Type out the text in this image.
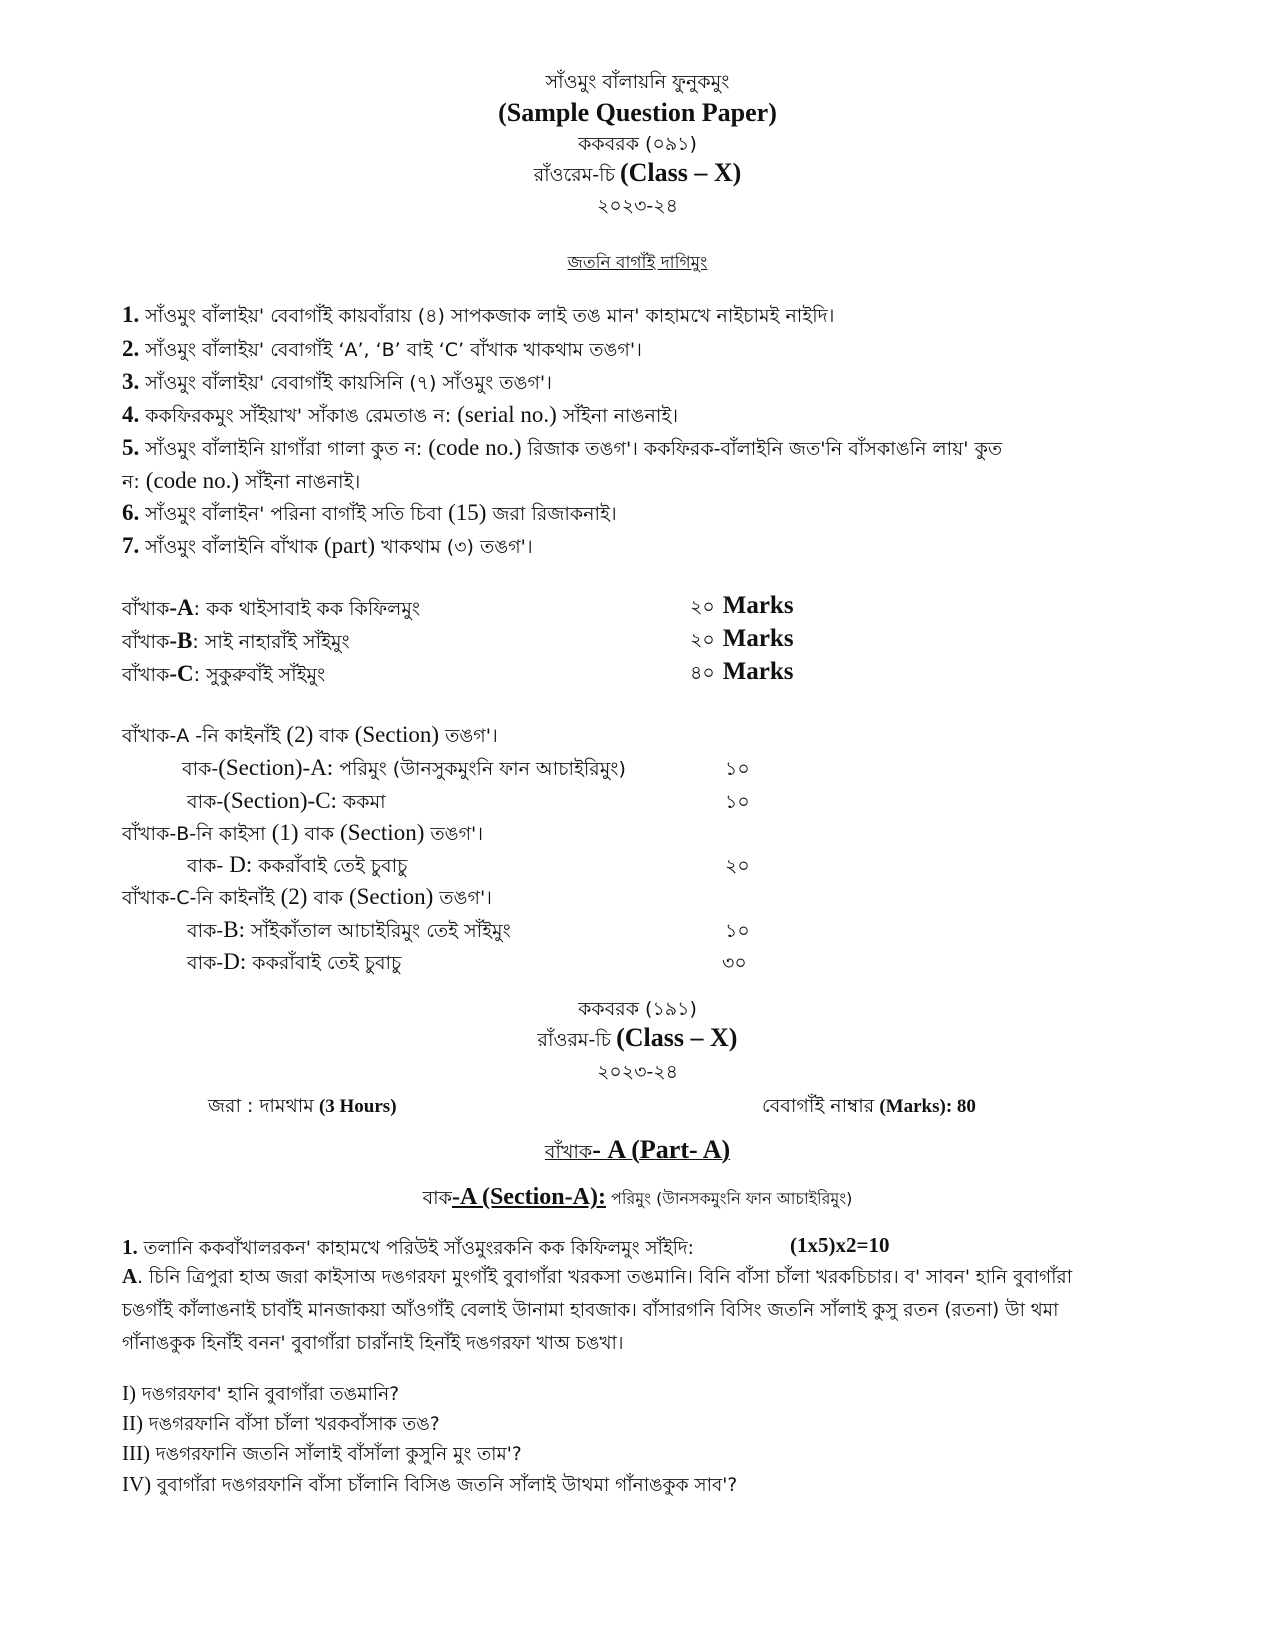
সাঁওমুং বাঁলায়নি ফুনুকমুং
(Sample Question Paper)
ককবরক (০৯১)
রাঁওরেম-চি (Class – X)
২০২৩-২৪
জতনি বাগাঁই দাগিমুং
1. সাঁওমুং বাঁলাইয়' বেবাগাঁই কায়বাঁরায় (৪) সাপকজাক লাই তঙ মান' কাহামখে নাইচামই নাইদি।
2. সাঁওমুং বাঁলাইয়' বেবাগাঁই ‘A’, ‘B’ বাই ‘C’ বাঁখাক খাকথাম তঙগ'।
3. সাঁওমুং বাঁলাইয়' বেবাগাঁই কায়সিনি (৭) সাঁওমুং তঙগ'।
4. ককফিরকমুং সাঁইয়াখ' সাঁকাঙ রেমতাঙ ন: (serial no.) সাঁইনা নাঙনাই।
5. সাঁওমুং বাঁলাইনি য়াগাঁরা গালা কুত ন: (code no.) রিজাক তঙগ'। ককফিরক-বাঁলাইনি জত'নি বাঁসকাঙনি লায়' কুত
ন: (code no.) সাঁইনা নাঙনাই।
6. সাঁওমুং বাঁলাইন' পরিনা বাগাঁই সতি চিবা (15) জরা রিজাকনাই।
7. সাঁওমুং বাঁলাইনি বাঁখাক (part) খাকথাম (৩) তঙগ'।
বাঁখাক-A: কক থাইসাবাই কক কিফিলমুং	২০ Marks
বাঁখাক-B: সাই নাহারাঁই সাঁইমুং	২০ Marks
বাঁখাক-C: সুকুরুবাঁই সাঁইমুং	৪০ Marks
বাঁখাক-A -নি কাইনাঁই (2) বাক (Section) তঙগ'।
বাক-(Section)-A: পরিমুং (উানসুকমুংনি ফান আচাইরিমুং)	১০
বাক-(Section)-C: ককমা	১০
বাঁখাক-B-নি কাইসা (1) বাক (Section) তঙগ'।
বাক- D: ককরাঁবাই তেই চুবাচু	২০
বাঁখাক-C-নি কাইনাঁই (2) বাক (Section) তঙগ'।
বাক-B: সাঁইকাঁতাল আচাইরিমুং তেই সাঁইমুং	১০
বাক-D: ককরাঁবাই তেই চুবাচু	৩০
ককবরক (১৯১)
রাঁওরম-চি (Class – X)
২০২৩-২৪
জরা : দামথাম (3 Hours)	বেবাগাঁই নাম্বার (Marks): 80
বাঁখাক- A (Part- A)
বাক-A (Section-A): পরিমুং (উানসকমুংনি ফান আচাইরিমুং)
1. তলানি ককবাঁখালরকন' কাহামখে পরিউই সাঁওমুংরকনি কক কিফিলমুং সাঁইদি:	(1x5)x2=10
A. চিনি ত্রিপুরা হাঅ জরা কাইসাঅ দঙগরফা মুংগাঁই বুবাগাঁরা খরকসা তঙমানি। বিনি বাঁসা চাঁলা খরকচিচার। ব' সাবন' হানি বুবাগাঁরা চঙগাঁই কাঁলাঙনাই চাবাঁই মানজাকয়া আঁওগাঁই বেলাই উানামা হাবজাক। বাঁসারগনি বিসিং জতনি সাঁলাই কুসু রতন (রতনা) উা থমা গাঁনাঙকুক হিনাঁই বনন' বুবাগাঁরা চারাঁনাই হিনাঁই দঙগরফা খাঅ চঙখা।
I) দঙগরফাব' হানি বুবাগাঁরা তঙমানি?
II) দঙগরফানি বাঁসা চাঁলা খরকবাঁসাক তঙ?
III) দঙগরফানি জতনি সাঁলাই বাঁসাঁলা কুসুনি মুং তাম'?
IV) বুবাগাঁরা দঙগরফানি বাঁসা চাঁলানি বিসিঙ জতনি সাঁলাই উাথমা গাঁনাঙকুক সাব'?
